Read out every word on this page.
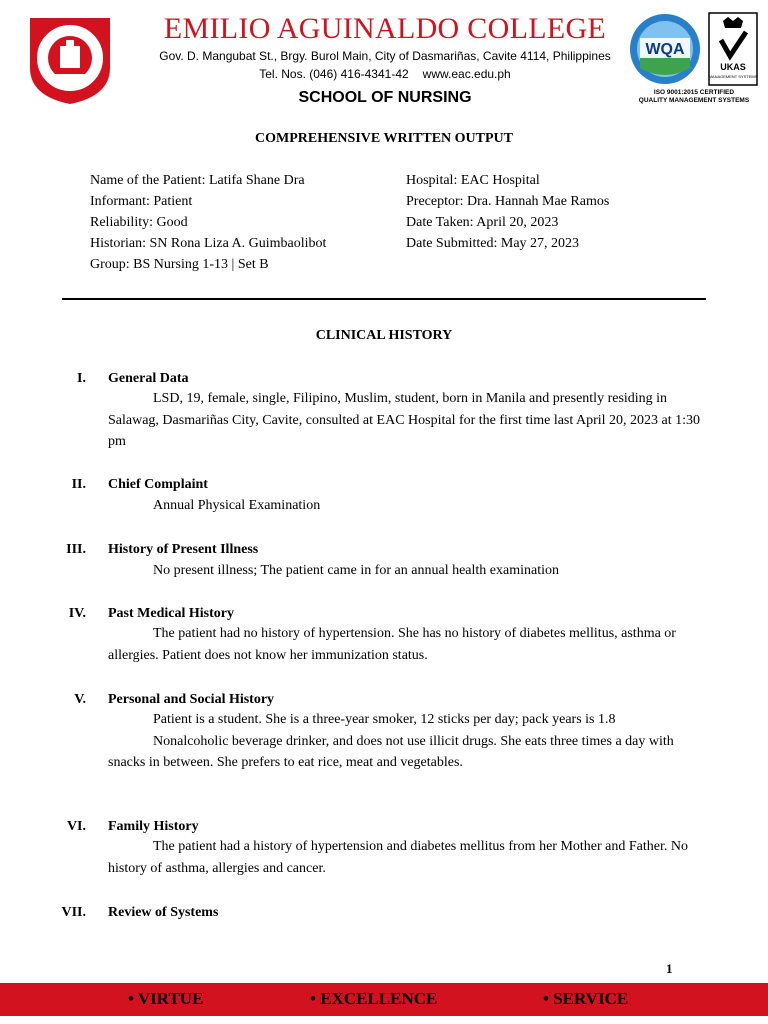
EMILIO AGUINALDO COLLEGE
Gov. D. Mangubat St., Brgy. Burol Main, City of Dasmariñas, Cavite 4114, Philippines
Tel. Nos. (046) 416-4341-42 www.eac.edu.ph
SCHOOL OF NURSING
WQA
UKAS
MANAGEMENT SYSTEMS
ISO 9001:2015 CERTIFIED
QUALITY MANAGEMENT SYSTEMS
COMPREHENSIVE WRITTEN OUTPUT
Name of the Patient: Latifa Shane Dra
Informant: Patient
Reliability: Good
Historian: SN Rona Liza A. Guimbaolibot
Group: BS Nursing 1-13 | Set B
Hospital: EAC Hospital
Preceptor: Dra. Hannah Mae Ramos
Date Taken: April 20, 2023
Date Submitted: May 27, 2023
CLINICAL HISTORY
I. General Data

LSD, 19, female, single, Filipino, Muslim, student, born in Manila and presently residing in Salawag, Dasmariñas City, Cavite, consulted at EAC Hospital for the first time last April 20, 2023 at 1:30 pm

II. Chief Complaint

Annual Physical Examination

III. History of Present Illness

No present illness; The patient came in for an annual health examination

IV. Past Medical History

The patient had no history of hypertension. She has no history of diabetes mellitus, asthma or allergies. Patient does not know her immunization status.

V. Personal and Social History

Patient is a student. She is a three-year smoker, 12 sticks per day; pack years is 1.8

Nonalcoholic beverage drinker, and does not use illicit drugs. She eats three times a day with snacks in between. She prefers to eat rice, meat and vegetables.

VI. Family History

The patient had a history of hypertension and diabetes mellitus from her Mother and Father. No history of asthma, allergies and cancer.

VII. Review of Systems
1
• VIRTUE	• EXCELLENCE	• SERVICE
